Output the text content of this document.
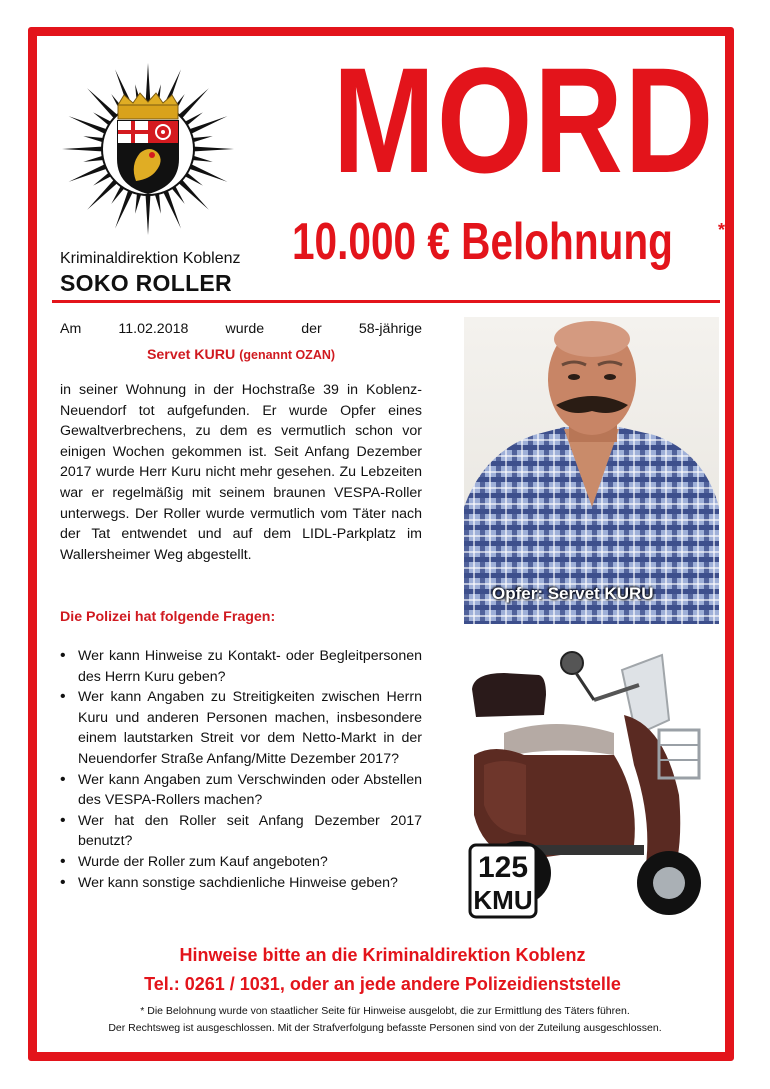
Kriminaldirektion Koblenz
SOKO ROLLER
MORD
10.000 € Belohnung	*
Am 11.02.2018 wurde der 58-jährige
Servet KURU (genannt OZAN)
in seiner Wohnung in der Hochstraße 39 in Koblenz-Neuendorf tot aufgefunden. Er wurde Opfer eines Gewaltverbrechens, zu dem es vermutlich schon vor einigen Wochen gekommen ist. Seit Anfang Dezember 2017 wurde Herr Kuru nicht mehr gesehen. Zu Lebzeiten war er regelmäßig mit seinem braunen VESPA-Roller unterwegs. Der Roller wurde vermutlich vom Täter nach der Tat entwendet und auf dem LIDL-Parkplatz im Wallersheimer Weg abgestellt.
Die Polizei hat folgende Fragen:
• Wer kann Hinweise zu Kontakt- oder Begleitpersonen des Herrn Kuru geben?
• Wer kann Angaben zu Streitigkeiten zwischen Herrn Kuru und anderen Personen machen, insbesondere einem lautstarken Streit vor dem Netto-Markt in der Neuendorfer Straße Anfang/Mitte Dezember 2017?
• Wer kann Angaben zum Verschwinden oder Abstellen des VESPA-Rollers machen?
• Wer hat den Roller seit Anfang Dezember 2017 benutzt?
• Wurde der Roller zum Kauf angeboten?
• Wer kann sonstige sachdienliche Hinweise geben?
Opfer: Servet KURU
125
KMU
Hinweise bitte an die Kriminaldirektion Koblenz
Tel.: 0261 / 1031, oder an jede andere Polizeidienststelle
* Die Belohnung wurde von staatlicher Seite für Hinweise ausgelobt, die zur Ermittlung des Täters führen.
Der Rechtsweg ist ausgeschlossen. Mit der Strafverfolgung befasste Personen sind von der Zuteilung ausgeschlossen.
